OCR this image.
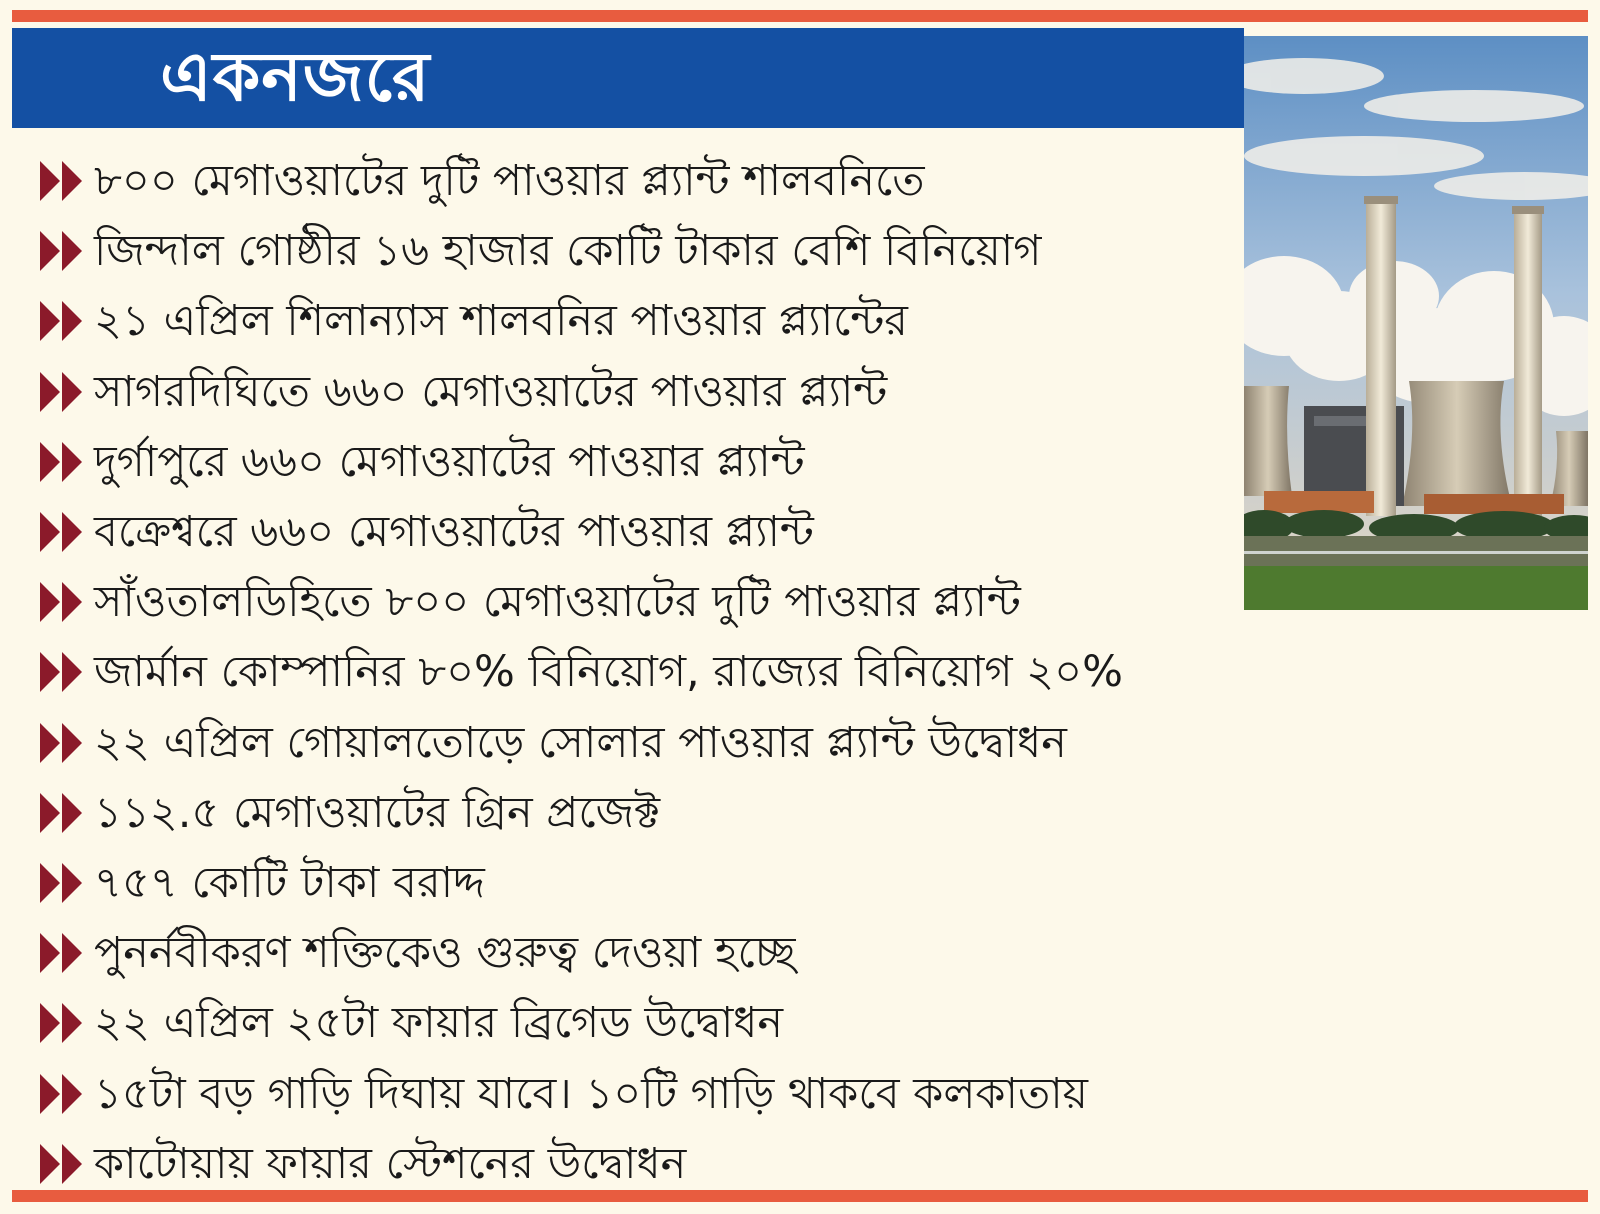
একনজরে
৮০০ মেগাওয়াটের দুটি পাওয়ার প্ল্যান্ট শালবনিতে
জিন্দাল গোষ্ঠীর ১৬ হাজার কোটি টাকার বেশি বিনিয়োগ
২১ এপ্রিল শিলান্যাস শালবনির পাওয়ার প্ল্যান্টের
সাগরদিঘিতে ৬৬০ মেগাওয়াটের পাওয়ার প্ল্যান্ট
দুর্গাপুরে ৬৬০ মেগাওয়াটের পাওয়ার প্ল্যান্ট
বক্রেশ্বরে ৬৬০ মেগাওয়াটের পাওয়ার প্ল্যান্ট
সাঁওতালডিহিতে ৮০০ মেগাওয়াটের দুটি পাওয়ার প্ল্যান্ট
জার্মান কোম্পানির ৮০% বিনিয়োগ, রাজ্যের বিনিয়োগ ২০%
২২ এপ্রিল গোয়ালতোড়ে সোলার পাওয়ার প্ল্যান্ট উদ্বোধন
১১২.৫ মেগাওয়াটের গ্রিন প্রজেক্ট
৭৫৭ কোটি টাকা বরাদ্দ
পুনর্নবীকরণ শক্তিকেও গুরুত্ব দেওয়া হচ্ছে
২২ এপ্রিল ২৫টা ফায়ার ব্রিগেড উদ্বোধন
১৫টা বড় গাড়ি দিঘায় যাবে। ১০টি গাড়ি থাকবে কলকাতায়
কাটোয়ায় ফায়ার স্টেশনের উদ্বোধন
